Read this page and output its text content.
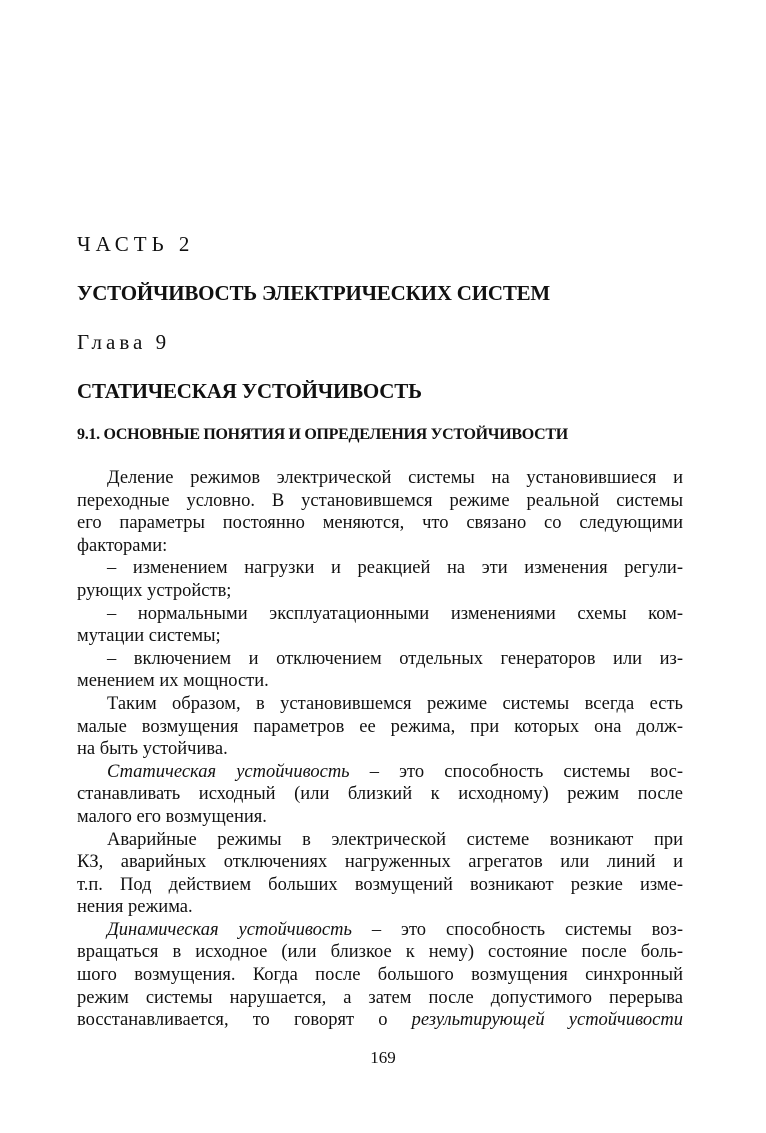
ЧАСТЬ 2
УСТОЙЧИВОСТЬ ЭЛЕКТРИЧЕСКИХ СИСТЕМ
Глава 9
СТАТИЧЕСКАЯ УСТОЙЧИВОСТЬ
9.1. ОСНОВНЫЕ ПОНЯТИЯ И ОПРЕДЕЛЕНИЯ УСТОЙЧИВОСТИ
Деление режимов электрической системы на установившиеся и
переходные условно. В установившемся режиме реальной системы
его параметры постоянно меняются, что связано со следующими
факторами:
– изменением нагрузки и реакцией на эти изменения регули-
рующих устройств;
– нормальными эксплуатационными изменениями схемы ком-
мутации системы;
– включением и отключением отдельных генераторов или из-
менением их мощности.
Таким образом, в установившемся режиме системы всегда есть
малые возмущения параметров ее режима, при которых она долж-
на быть устойчива.
Статическая устойчивость – это способность системы вос-
станавливать исходный (или близкий к исходному) режим после
малого его возмущения.
Аварийные режимы в электрической системе возникают при
КЗ, аварийных отключениях нагруженных агрегатов или линий и
т.п. Под действием больших возмущений возникают резкие изме-
нения режима.
Динамическая устойчивость – это способность системы воз-
вращаться в исходное (или близкое к нему) состояние после боль-
шого возмущения. Когда после большого возмущения синхронный
режим системы нарушается, а затем после допустимого перерыва
восстанавливается, то говорят о результирующей устойчивости
169
